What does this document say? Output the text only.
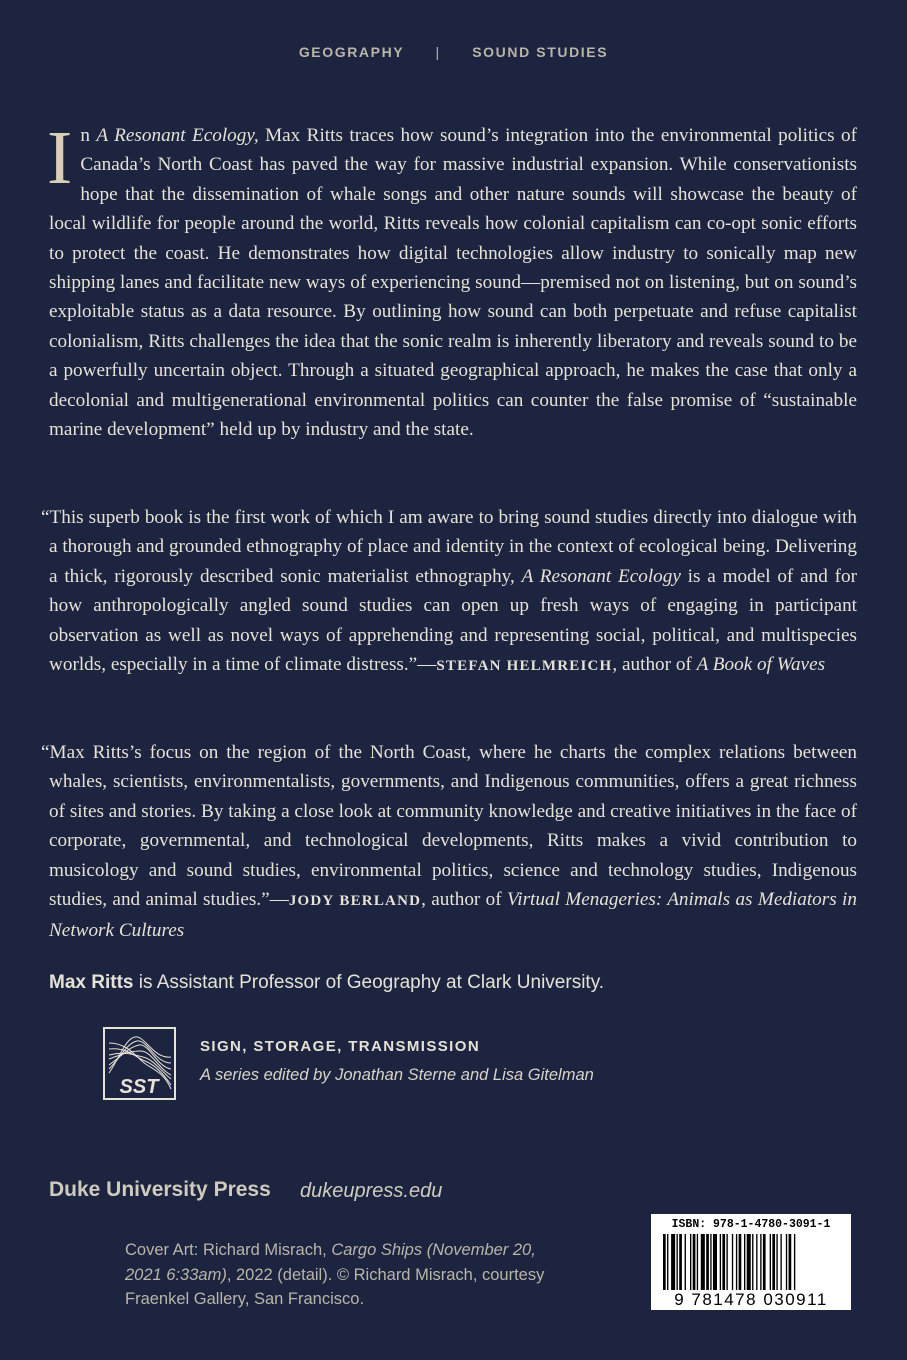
GEOGRAPHY | SOUND STUDIES
In A Resonant Ecology, Max Ritts traces how sound’s integration into the environmental politics of Canada’s North Coast has paved the way for massive industrial expansion. While conservationists hope that the dissemination of whale songs and other nature sounds will showcase the beauty of local wildlife for people around the world, Ritts reveals how colonial capitalism can co-opt sonic efforts to protect the coast. He demonstrates how digital technologies allow industry to sonically map new shipping lanes and facilitate new ways of experiencing sound—premised not on listening, but on sound’s exploitable status as a data resource. By outlining how sound can both perpetuate and refuse capitalist colonialism, Ritts challenges the idea that the sonic realm is inherently liberatory and reveals sound to be a powerfully uncertain object. Through a situated geographical approach, he makes the case that only a decolonial and multigenerational environmental politics can counter the false promise of “sustainable marine development” held up by industry and the state.
“This superb book is the first work of which I am aware to bring sound studies directly into dialogue with a thorough and grounded ethnography of place and identity in the context of ecological being. Delivering a thick, rigorously described sonic materialist ethnography, A Resonant Ecology is a model of and for how anthropologically angled sound studies can open up fresh ways of engaging in participant observation as well as novel ways of apprehending and representing social, political, and multispecies worlds, especially in a time of climate distress.”—STEFAN HELMREICH, author of A Book of Waves
“Max Ritts’s focus on the region of the North Coast, where he charts the complex relations between whales, scientists, environmentalists, governments, and Indigenous communities, offers a great richness of sites and stories. By taking a close look at community knowledge and creative initiatives in the face of corporate, governmental, and technological developments, Ritts makes a vivid contribution to musicology and sound studies, environmental politics, science and technology studies, Indigenous studies, and animal studies.”—JODY BERLAND, author of Virtual Menageries: Animals as Mediators in Network Cultures
Max Ritts is Assistant Professor of Geography at Clark University.
SST
SIGN, STORAGE, TRANSMISSION
A series edited by Jonathan Sterne and Lisa Gitelman
Duke University Press dukeupress.edu
Cover Art: Richard Misrach, Cargo Ships (November 20, 2021 6:33am), 2022 (detail). © Richard Misrach, courtesy Fraenkel Gallery, San Francisco.
ISBN: 978-1-4780-3091-1
9 781478 030911
